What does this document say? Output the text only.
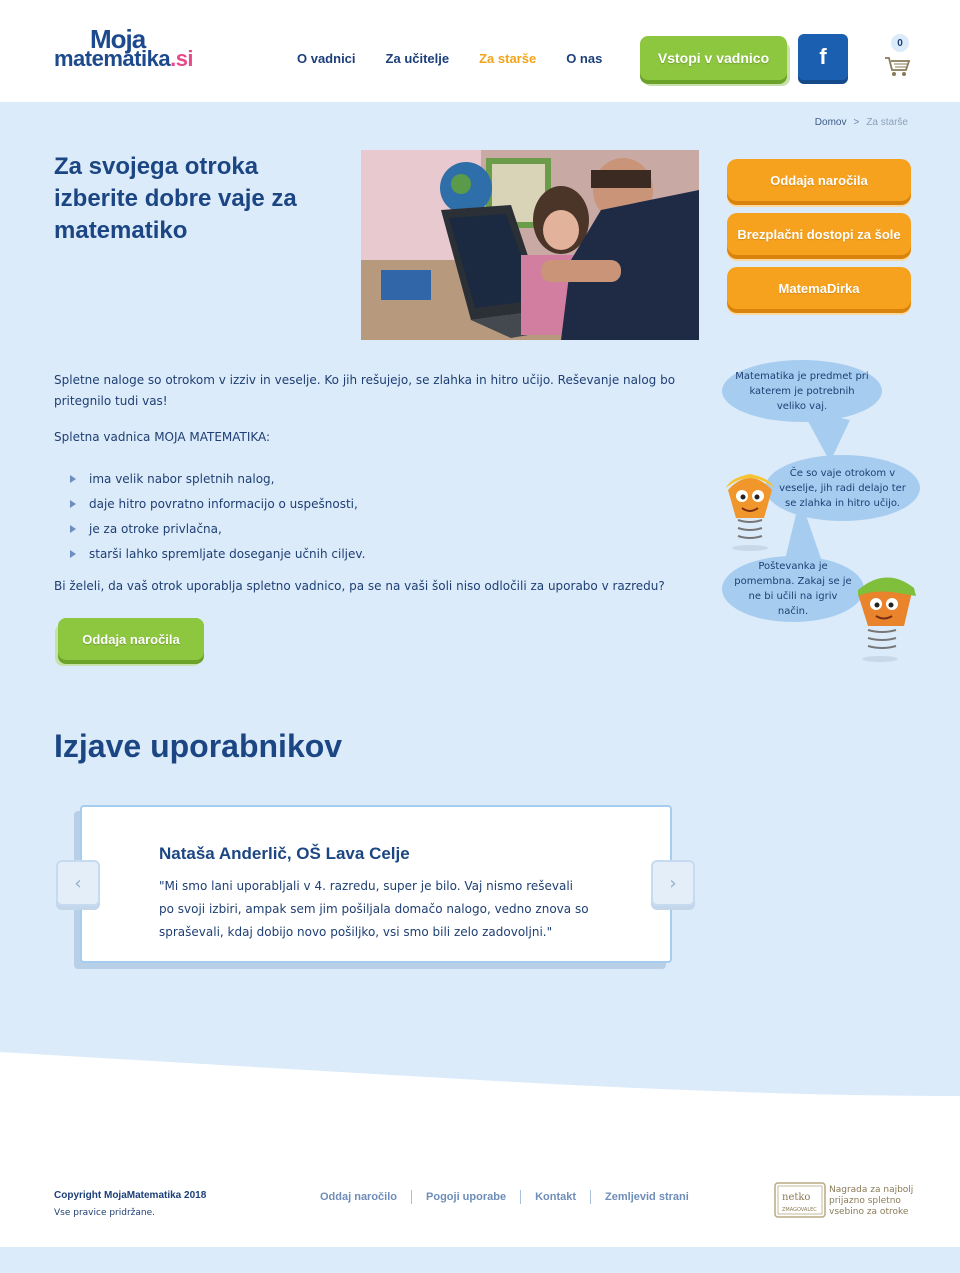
Moja
matematika.si	O vadnici Za učitelje Za starše O nas	Vstopi v vadnico	f
0
Domov > Za starše
Za svojega otroka izberite dobre vaje za matematiko
Oddaja naročila
Brezplačni dostopi za šole
MatemaDirka

Spletne naloge so otrokom v izziv in veselje. Ko jih rešujejo, se zlahka in hitro učijo. Reševanje nalog bo pritegnilo tudi vas!

Spletna vadnica MOJA MATEMATIKA:

ima velik nabor spletnih nalog,
daje hitro povratno informacijo o uspešnosti,
je za otroke privlačna,
starši lahko spremljate doseganje učnih ciljev.

Bi želeli, da vaš otrok uporablja spletno vadnico, pa se na vaši šoli niso odločili za uporabo v razredu?

Oddaja naročila
Matematika je predmet pri katerem je potrebnih veliko vaj.
Če so vaje otrokom v veselje, jih radi delajo ter se zlahka in hitro učijo.
Poštevanka je pomembna. Zakaj se je ne bi učili na igriv način.
Izjave uporabnikov
Nataša Anderlič, OŠ Lava Celje
"Mi smo lani uporabljali v 4. razredu, super je bilo. Vaj nismo reševali po svoji izbiri, ampak sem jim pošiljala domačo nalogo, vedno znova so spraševali, kdaj dobijo novo pošiljko, vsi smo bili zelo zadovoljni."
‹	›
Copyright MojaMatematika 2018
Vse pravice pridržane.
Oddaj naročilo	Pogoji uporabe	Kontakt	Zemljevid strani	netko
ZMAGOVALEC
Nagrada za najbolj prijazno spletno vsebino za otroke
